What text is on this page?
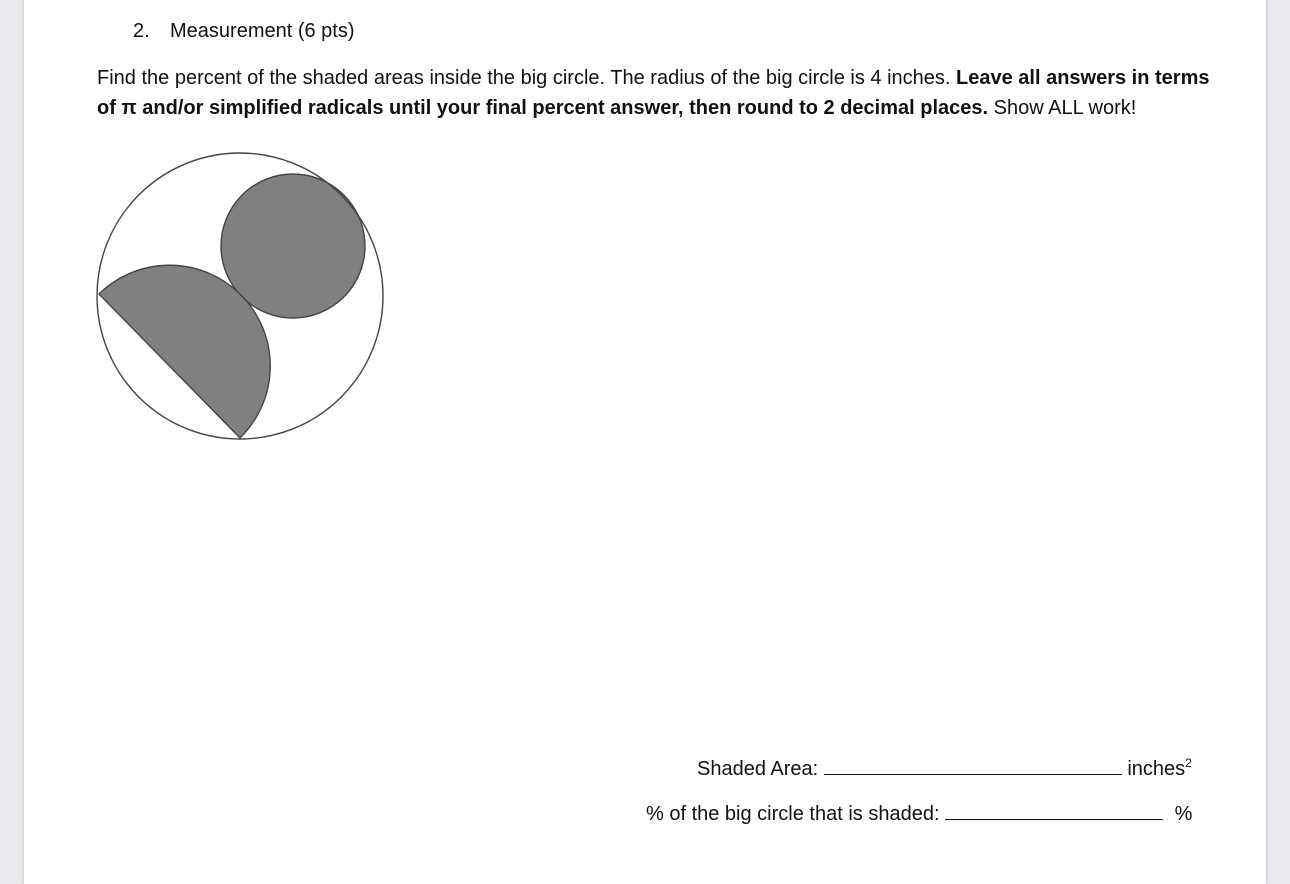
2. Measurement (6 pts)
Find the percent of the shaded areas inside the big circle. The radius of the big circle is 4 inches. Leave all answers in terms of π and/or simplified radicals until your final percent answer, then round to 2 decimal places. Show ALL work!
Shaded Area:	inches$^2$
% of the big circle that is shaded:	%
